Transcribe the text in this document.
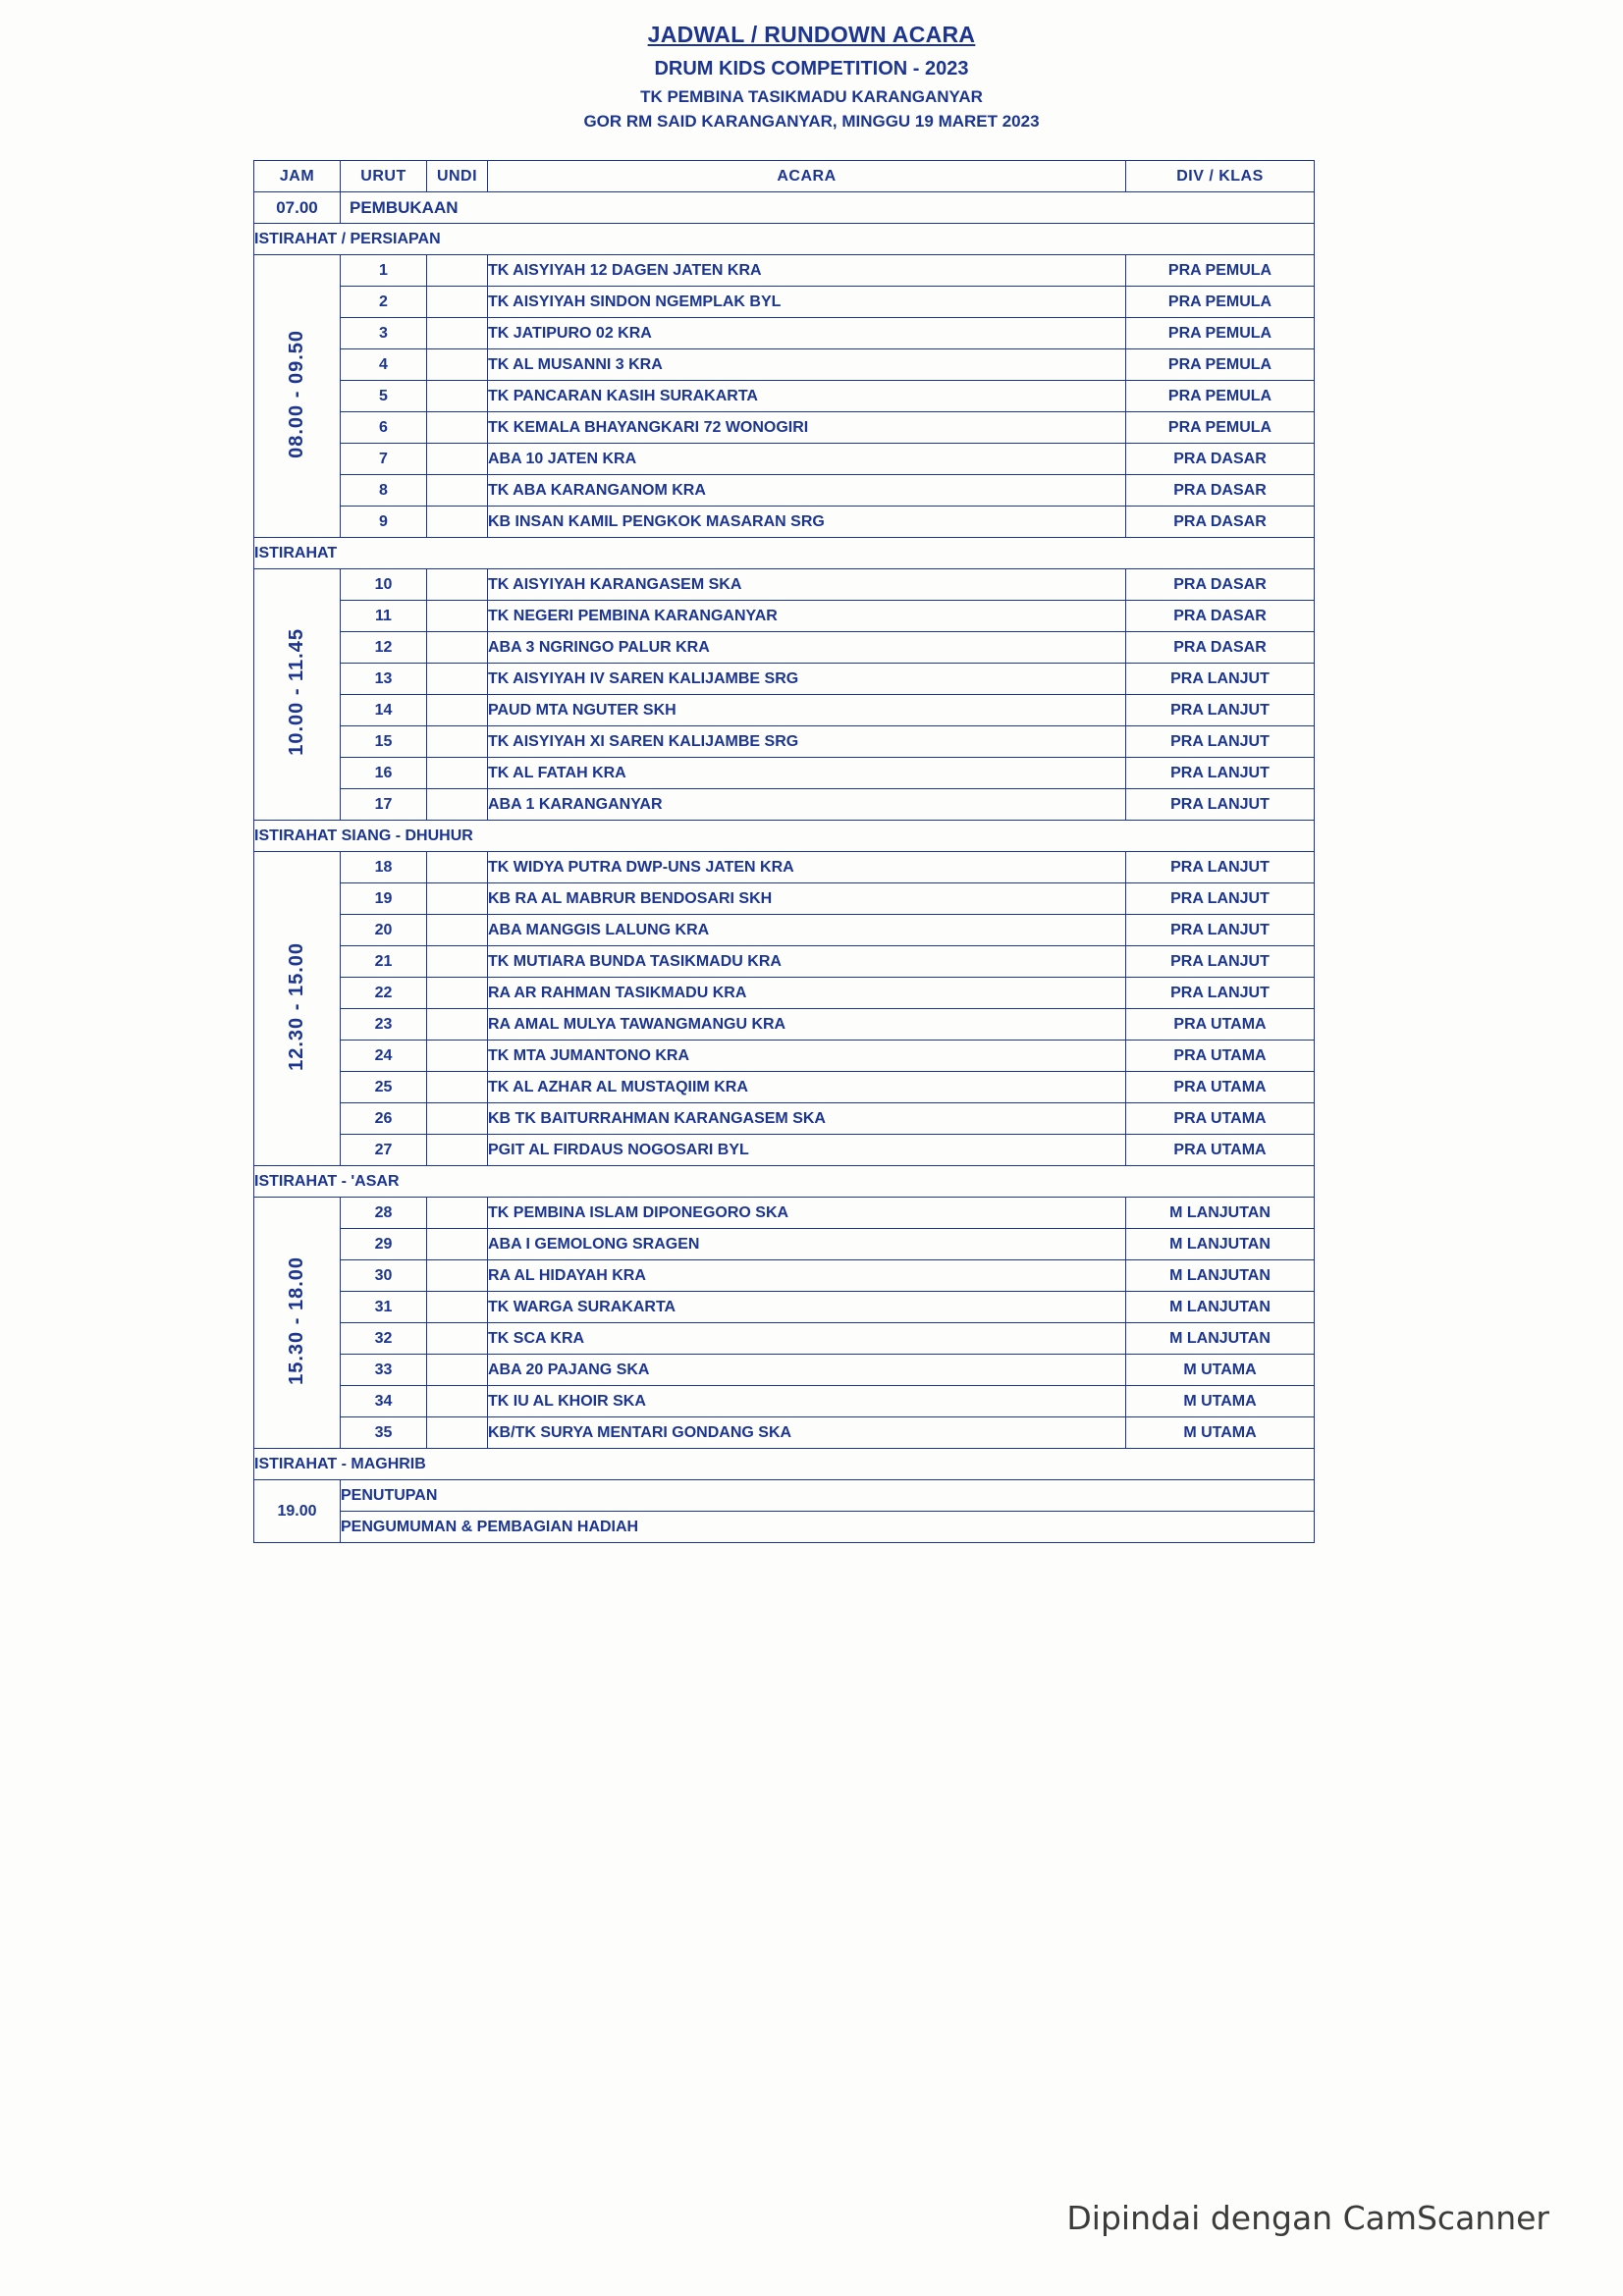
JADWAL / RUNDOWN ACARA
DRUM KIDS COMPETITION - 2023
TK PEMBINA TASIKMADU KARANGANYAR
GOR RM SAID KARANGANYAR, MINGGU 19 MARET 2023
JAM	URUT	UNDI	ACARA	DIV / KLAS
07.00	PEMBUKAAN			
ISTIRAHAT / PERSIAPAN				
08.00 - 09.50	1		TK AISYIYAH 12 DAGEN JATEN KRA	PRA PEMULA
	2		TK AISYIYAH SINDON NGEMPLAK BYL	PRA PEMULA
	3		TK JATIPURO 02 KRA	PRA PEMULA
	4		TK AL MUSANNI 3 KRA	PRA PEMULA
	5		TK PANCARAN KASIH SURAKARTA	PRA PEMULA
	6		TK KEMALA BHAYANGKARI 72 WONOGIRI	PRA PEMULA
	7		ABA 10 JATEN KRA	PRA DASAR
	8		TK ABA KARANGANOM KRA	PRA DASAR
	9		KB INSAN KAMIL PENGKOK MASARAN SRG	PRA DASAR
ISTIRAHAT				
10.00 - 11.45	10		TK AISYIYAH KARANGASEM SKA	PRA DASAR
	11		TK NEGERI PEMBINA KARANGANYAR	PRA DASAR
	12		ABA 3 NGRINGO PALUR KRA	PRA DASAR
	13		TK AISYIYAH IV SAREN KALIJAMBE SRG	PRA LANJUT
	14		PAUD MTA NGUTER SKH	PRA LANJUT
	15		TK AISYIYAH XI SAREN KALIJAMBE SRG	PRA LANJUT
	16		TK AL FATAH KRA	PRA LANJUT
	17		ABA 1 KARANGANYAR	PRA LANJUT
ISTIRAHAT SIANG - DHUHUR				
12.30 - 15.00	18		TK WIDYA PUTRA DWP-UNS JATEN KRA	PRA LANJUT
	19		KB RA AL MABRUR BENDOSARI SKH	PRA LANJUT
	20		ABA MANGGIS LALUNG KRA	PRA LANJUT
	21		TK MUTIARA BUNDA TASIKMADU KRA	PRA LANJUT
	22		RA AR RAHMAN TASIKMADU KRA	PRA LANJUT
	23		RA AMAL MULYA TAWANGMANGU KRA	PRA UTAMA
	24		TK MTA JUMANTONO KRA	PRA UTAMA
	25		TK AL AZHAR AL MUSTAQIIM KRA	PRA UTAMA
	26		KB TK BAITURRAHMAN KARANGASEM SKA	PRA UTAMA
	27		PGIT AL FIRDAUS NOGOSARI BYL	PRA UTAMA
ISTIRAHAT - 'ASAR				
15.30 - 18.00	28		TK PEMBINA ISLAM DIPONEGORO SKA	M LANJUTAN
	29		ABA I GEMOLONG SRAGEN	M LANJUTAN
	30		RA AL HIDAYAH KRA	M LANJUTAN
	31		TK WARGA SURAKARTA	M LANJUTAN
	32		TK SCA KRA	M LANJUTAN
	33		ABA 20 PAJANG SKA	M UTAMA
	34		TK IU AL KHOIR SKA	M UTAMA
	35		KB/TK SURYA MENTARI GONDANG SKA	M UTAMA
ISTIRAHAT - MAGHRIB				
19.00	PENUTUPAN			
	PENGUMUMAN & PEMBAGIAN HADIAH			
Dipindai dengan CamScanner
